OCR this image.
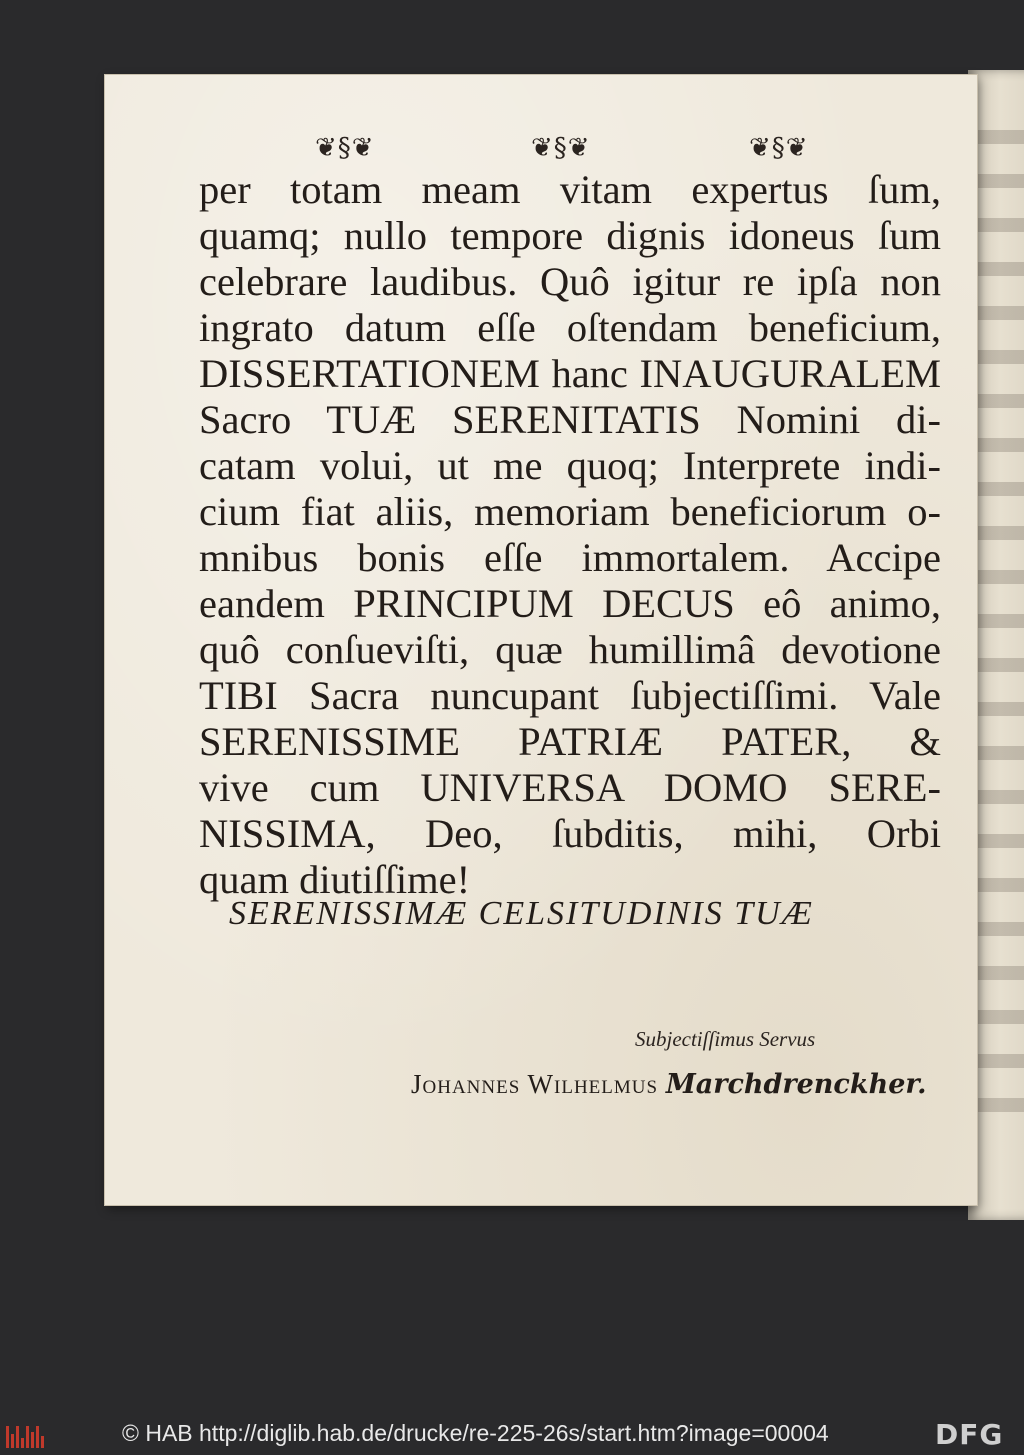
❦§❦	❦§❦	❦§❦
per totam meam vitam expertus ſum,
quamq; nullo tempore dignis idoneus ſum
celebrare laudibus. Quô igitur re ipſa non
ingrato datum eſſe oſtendam beneficium,
DISSERTATIONEM hanc INAUGURALEM
Sacro TUÆ SERENITATIS Nomini di-
catam volui, ut me quoq; Interprete indi-
cium fiat aliis, memoriam beneficiorum o-
mnibus bonis eſſe immortalem. Accipe
eandem PRINCIPUM DECUS eô animo,
quô conſueviſti, quæ humillimâ devotione
TIBI Sacra nuncupant ſubjectiſſimi. Vale
SERENISSIME PATRIÆ PATER, &
vive cum UNIVERSA DOMO SERE-
NISSIMA, Deo, ſubditis, mihi, Orbi
quam diutiſſime!
SERENISSIMÆ CELSITUDINIS TUÆ
Subjectiſſimus Servus
Johannes Wilhelmus Marchdrenckher.
© HAB http://diglib.hab.de/drucke/re-225-26s/start.htm?image=00004	DFG
